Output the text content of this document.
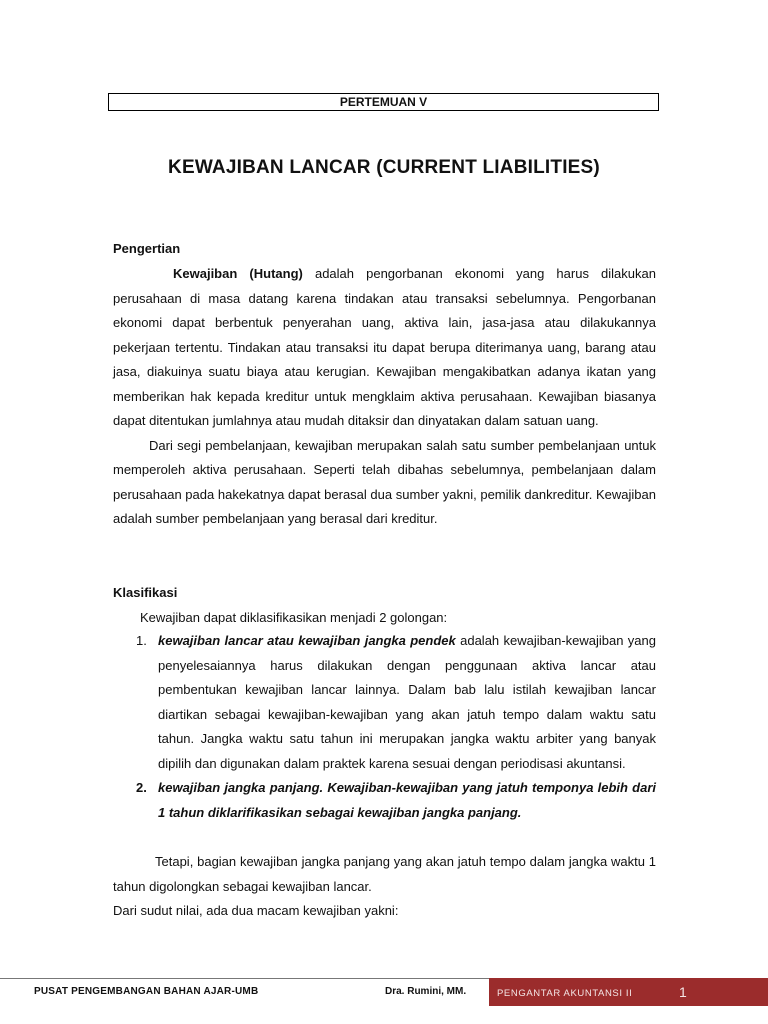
PERTEMUAN V
KEWAJIBAN LANCAR (CURRENT LIABILITIES)
Pengertian

Kewajiban (Hutang) adalah pengorbanan ekonomi yang harus dilakukan perusahaan di masa datang karena tindakan atau transaksi sebelumnya. Pengorbanan ekonomi dapat berbentuk penyerahan uang, aktiva lain, jasa-jasa atau dilakukannya pekerjaan tertentu. Tindakan atau transaksi itu dapat berupa diterimanya uang, barang atau jasa, diakuinya suatu biaya atau kerugian. Kewajiban mengakibatkan adanya ikatan yang memberikan hak kepada kreditur untuk mengklaim aktiva perusahaan. Kewajiban biasanya dapat ditentukan jumlahnya atau mudah ditaksir dan dinyatakan dalam satuan uang.

Dari segi pembelanjaan, kewajiban merupakan salah satu sumber pembelanjaan untuk memperoleh aktiva perusahaan. Seperti telah dibahas sebelumnya, pembelanjaan dalam perusahaan pada hakekatnya dapat berasal dua sumber yakni, pemilik dankreditur. Kewajiban adalah sumber pembelanjaan yang berasal dari kreditur.

Klasifikasi
Kewajiban dapat diklasifikasikan menjadi 2 golongan:
1. kewajiban lancar atau kewajiban jangka pendek adalah kewajiban-kewajiban yang penyelesaiannya harus dilakukan dengan penggunaan aktiva lancar atau pembentukan kewajiban lancar lainnya. Dalam bab lalu istilah kewajiban lancar diartikan sebagai kewajiban-kewajiban yang akan jatuh tempo dalam waktu satu tahun. Jangka waktu satu tahun ini merupakan jangka waktu arbiter yang banyak dipilih dan digunakan dalam praktek karena sesuai dengan periodisasi akuntansi.
2. kewajiban jangka panjang. Kewajiban-kewajiban yang jatuh temponya lebih dari 1 tahun diklarifikasikan sebagai kewajiban jangka panjang.

Tetapi, bagian kewajiban jangka panjang yang akan jatuh tempo dalam jangka waktu 1 tahun digolongkan sebagai kewajiban lancar.

Dari sudut nilai, ada dua macam kewajiban yakni:

PUSAT PENGEMBANGAN BAHAN AJAR-UMB	Dra. Rumini, MM.	PENGANTAR AKUNTANSI II	1
